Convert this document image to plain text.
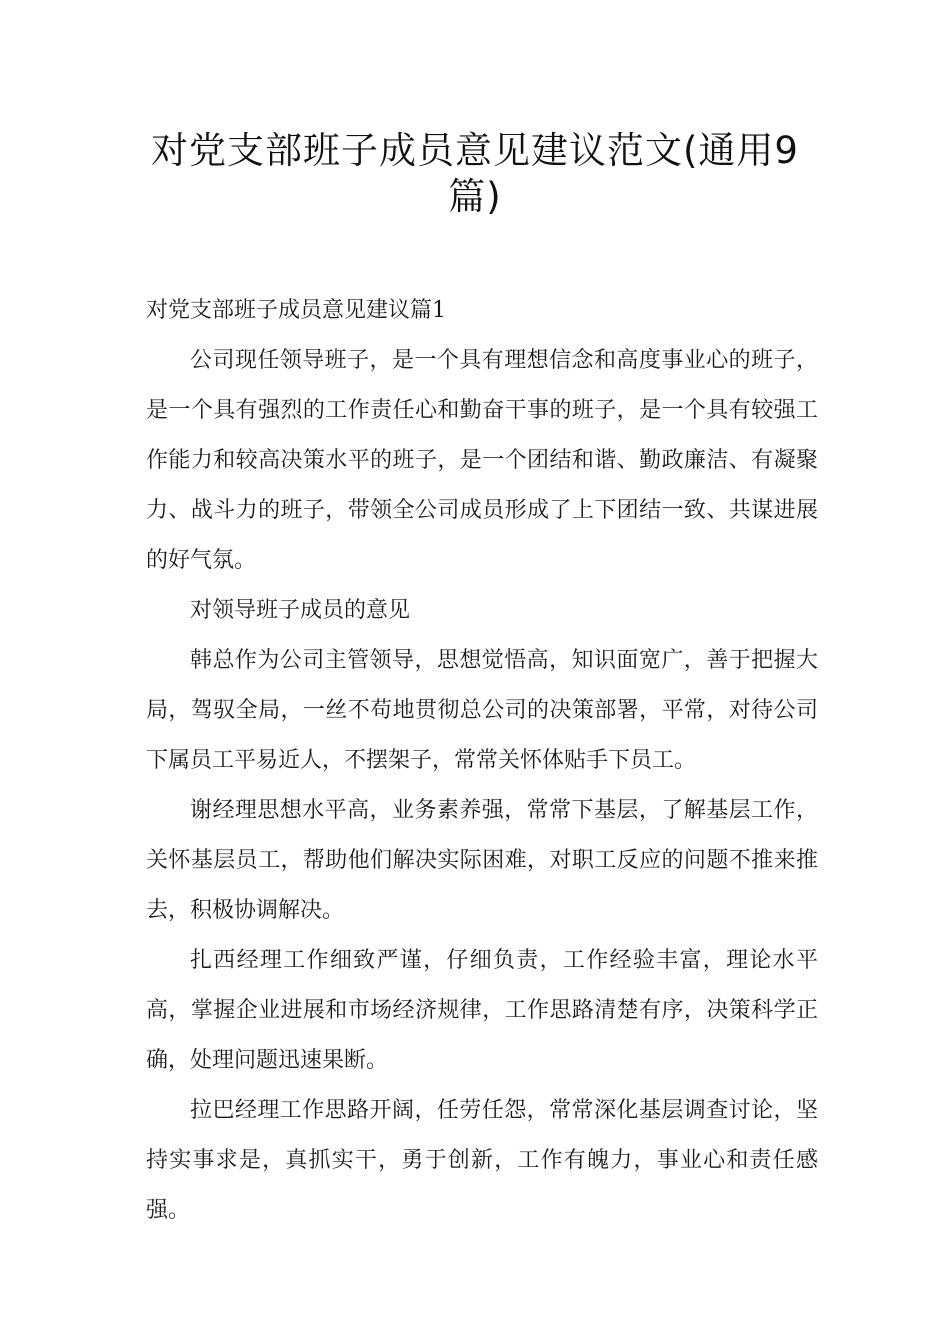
对党支部班子成员意见建议范文(通用9
篇)

对党支部班子成员意见建议篇1

公司现任领导班子，是一个具有理想信念和高度事业心的班子，是一个具有强烈的工作责任心和勤奋干事的班子，是一个具有较强工作能力和较高决策水平的班子，是一个团结和谐、勤政廉洁、有凝聚力、战斗力的班子，带领全公司成员形成了上下团结一致、共谋进展的好气氛。

对领导班子成员的意见

韩总作为公司主管领导，思想觉悟高，知识面宽广，善于把握大局，驾驭全局，一丝不苟地贯彻总公司的决策部署，平常，对待公司下属员工平易近人，不摆架子，常常关怀体贴手下员工。

谢经理思想水平高，业务素养强，常常下基层，了解基层工作，关怀基层员工，帮助他们解决实际困难，对职工反应的问题不推来推去，积极协调解决。

扎西经理工作细致严谨，仔细负责，工作经验丰富，理论水平高，掌握企业进展和市场经济规律，工作思路清楚有序，决策科学正确，处理问题迅速果断。

拉巴经理工作思路开阔，任劳任怨，常常深化基层调查讨论，坚持实事求是，真抓实干，勇于创新，工作有魄力，事业心和责任感强。
